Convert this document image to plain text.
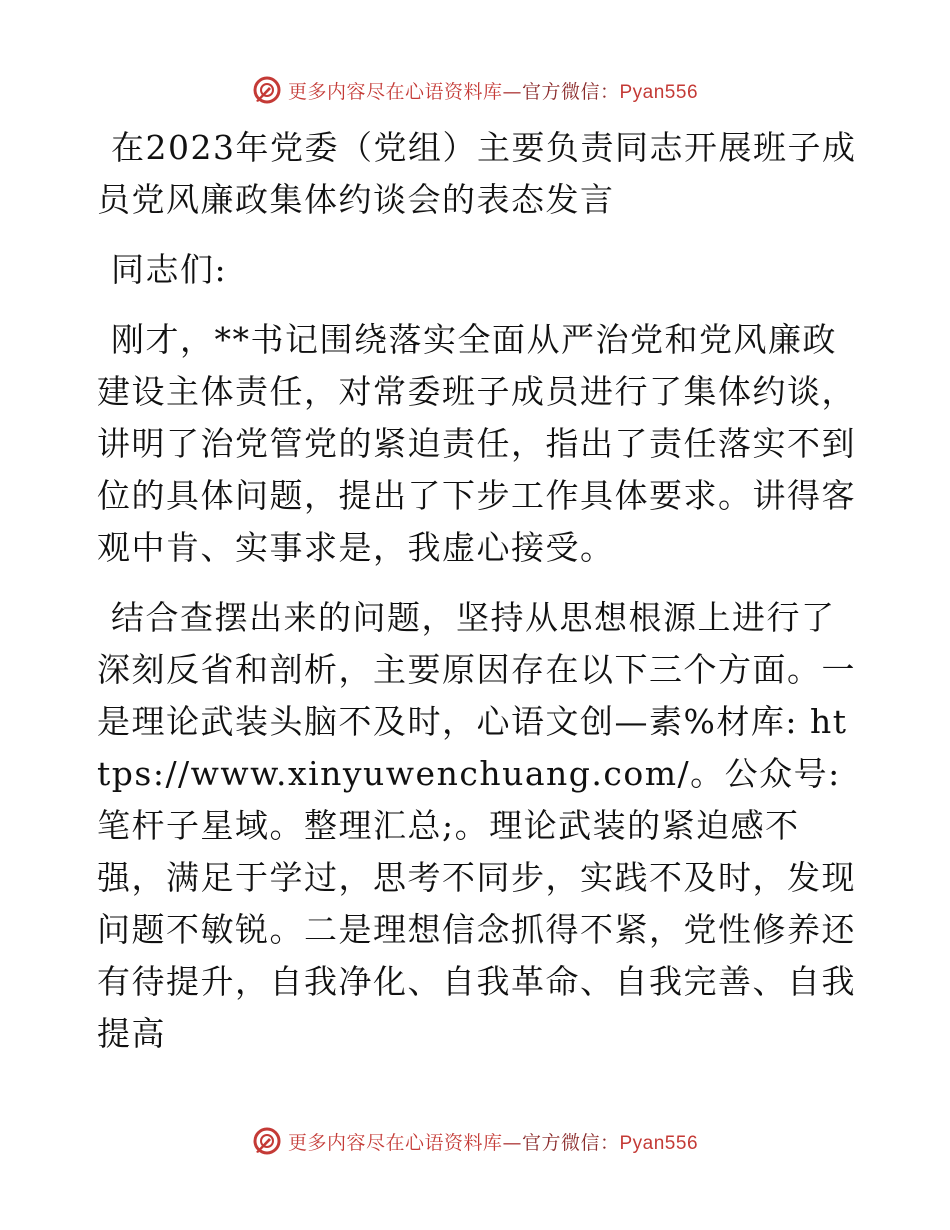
更多内容尽在心语资料库—官方微信：Pyan556

在2023年党委（党组）主要负责同志开展班子成员党风廉政集体约谈会的表态发言

同志们:

刚才，**书记围绕落实全面从严治党和党风廉政建设主体责任，对常委班子成员进行了集体约谈，讲明了治党管党的紧迫责任，指出了责任落实不到位的具体问题，提出了下步工作具体要求。讲得客观中肯、实事求是，我虚心接受。

结合查摆出来的问题，坚持从思想根源上进行了深刻反省和剖析，主要原因存在以下三个方面。一是理论武装头脑不及时，心语文创—素%材库: https://www.xinyuwenchuang.com/。公众号: 笔杆子星域。整理汇总;。理论武装的紧迫感不强，满足于学过，思考不同步，实践不及时，发现问题不敏锐。二是理想信念抓得不紧，党性修养还有待提升，自我净化、自我革命、自我完善、自我提高

更多内容尽在心语资料库—官方微信：Pyan556
